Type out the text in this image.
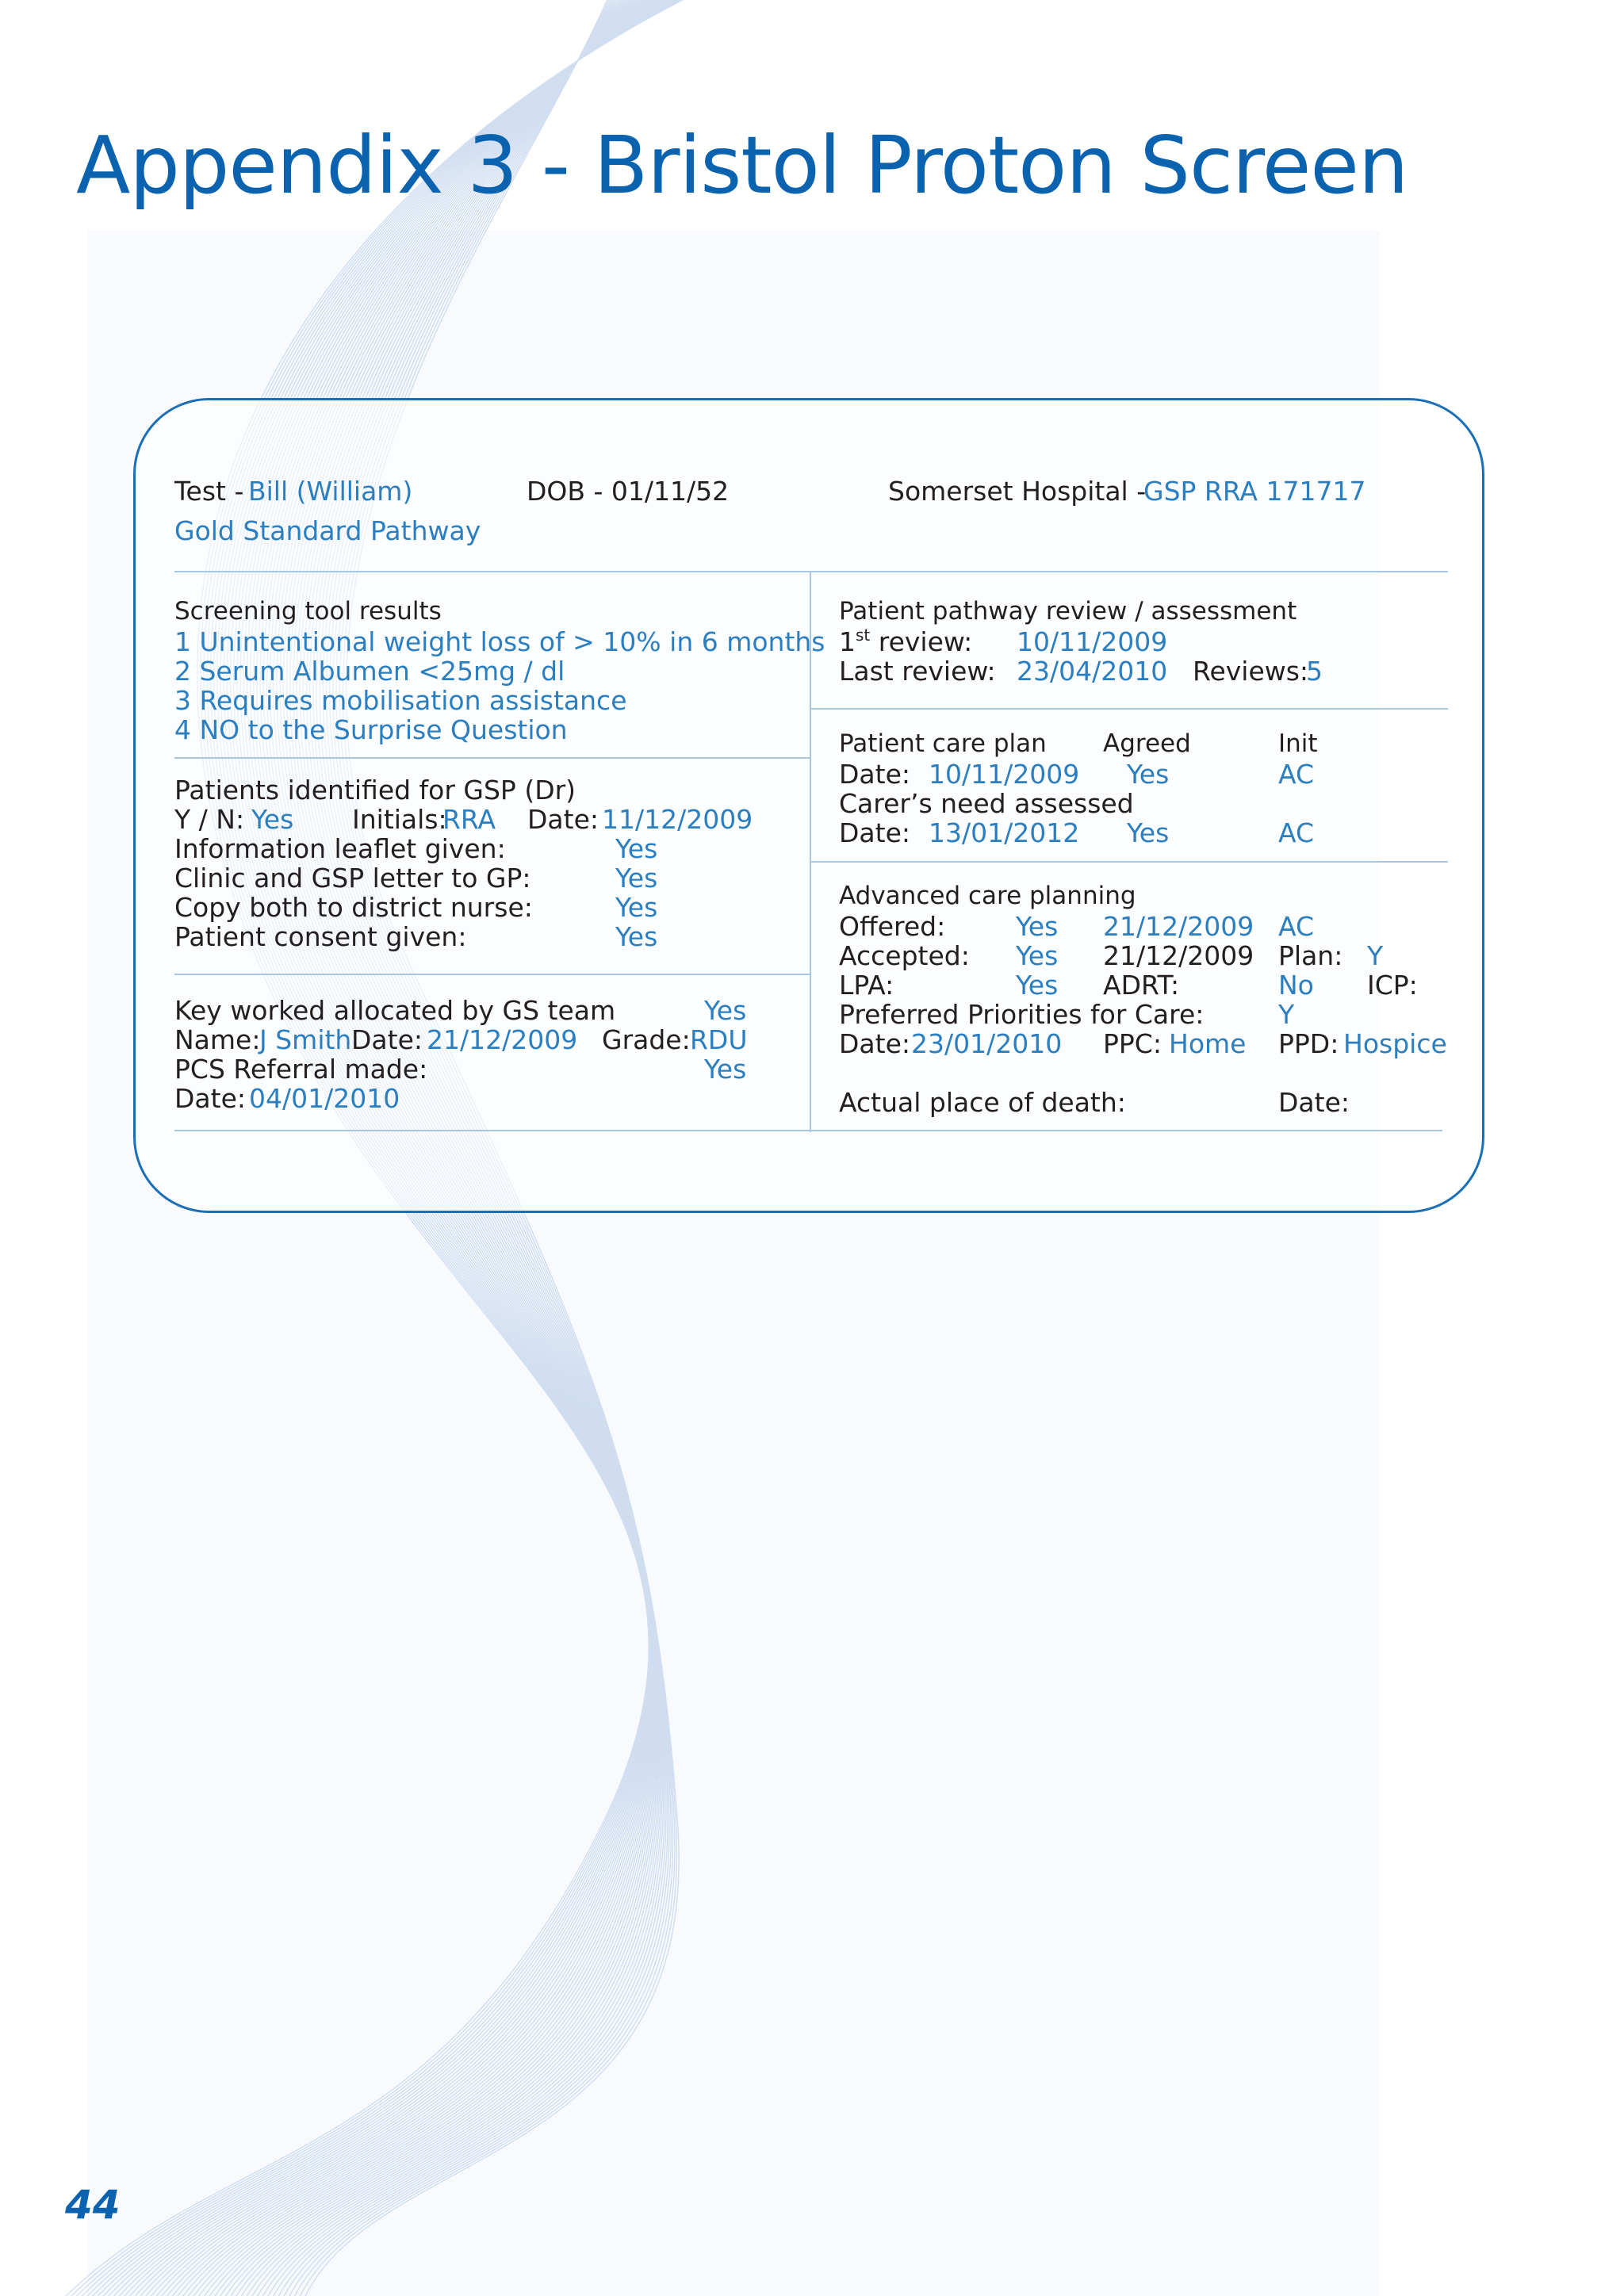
Appendix 3 - Bristol Proton Screen
Test - Bill (William)	DOB - 01/11/52	Somerset Hospital -
GSP RRA 171717
Gold Standard Pathway
Screening tool results
1 Unintentional weight loss of > 10% in 6 months
2 Serum Albumen <25mg / dl
3 Requires mobilisation assistance
4 NO to the Surprise Question
Patients identified for GSP (Dr)
Y / N: Yes Initials:
RRA Date: 11/12/2009
Information leaflet given:	Yes
Clinic and GSP letter to GP:	Yes
Copy both to district nurse:	Yes
Patient consent given:	Yes
Key worked allocated by GS team	Yes
Name:
J Smith Date: 21/12/2009 Grade: RDU
PCS Referral made:	Yes
Date: 04/01/2010
Patient pathway review / assessment
1st review: 10/11/2009
Last review: 23/04/2010 Reviews:
5
Patient care plan Agreed	Init
Date: 10/11/2009 Yes	AC
Carer’s need assessed
Date: 13/01/2012 Yes	AC
Advanced care planning
Offered:	Yes 21/12/2009 AC
Accepted: Yes 21/12/2009 Plan: Y
LPA:	Yes ADRT:	No ICP:
Preferred Priorities for Care:	Y
Date: 23/01/2010 PPC: Home PPD: Hospice
Actual place of death:	Date:
44
